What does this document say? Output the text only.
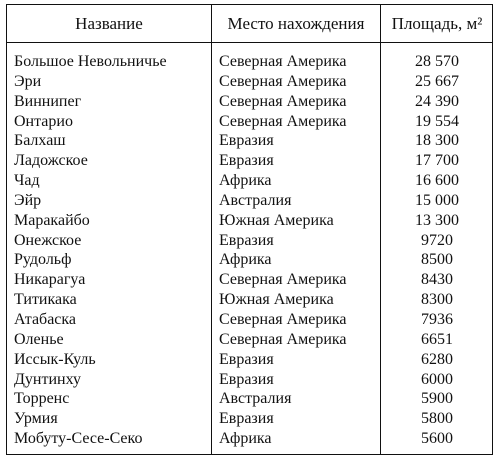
Название	Место нахождения	Площадь, м²
Большое Невольничье	Северная Америка	28 570
Эри	Северная Америка	25 667
Виннипег	Северная Америка	24 390
Онтарио	Северная Америка	19 554
Балхаш	Евразия	18 300
Ладожское	Евразия	17 700
Чад	Африка	16 600
Эйр	Австралия	15 000
Маракайбо	Южная Америка	13 300
Онежское	Евразия	9720
Рудольф	Африка	8500
Никарагуа	Северная Америка	8430
Титикака	Южная Америка	8300
Атабаска	Северная Америка	7936
Оленье	Северная Америка	6651
Иссык-Куль	Евразия	6280
Дунтинху	Евразия	6000
Торренс	Австралия	5900
Урмия	Евразия	5800
Мобуту-Сесе-Секо	Африка	5600
